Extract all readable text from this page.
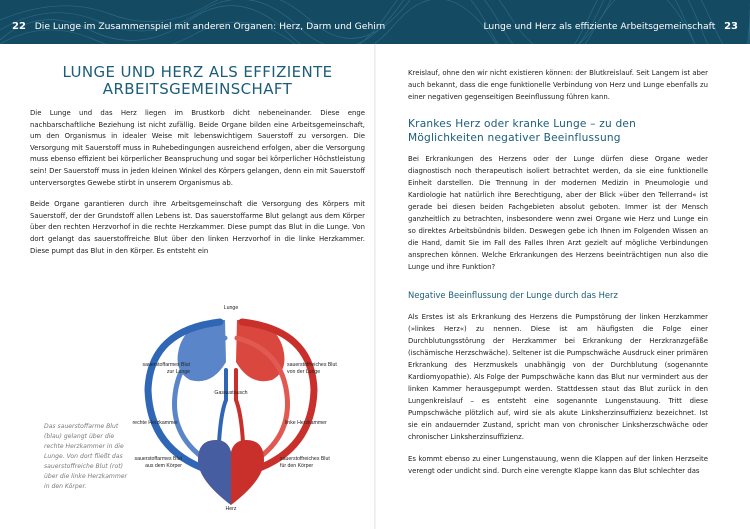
22 Die Lunge im Zusammenspiel mit anderen Organen: Herz, Darm und Gehirn	Lunge und Herz als effiziente Arbeitsgemeinschaft 23
LUNGE UND HERZ ALS EFFIZIENTE
ARBEITSGEMEINSCHAFT

Die Lunge und das Herz liegen im Brustkorb dicht nebeneinander. Diese enge nachbarschaftliche Beziehung ist nicht zufällig. Beide Organe bilden eine Arbeitsgemeinschaft, um den Organismus in idealer Weise mit lebenswichtigem Sauerstoff zu versorgen. Die Versorgung mit Sauerstoff muss in Ruhebedingungen ausreichend erfolgen, aber die Versorgung muss ebenso effizient bei körperlicher Beanspruchung und sogar bei körperlicher Höchstleistung sein! Der Sauerstoff muss in jeden kleinen Winkel des Körpers gelangen, denn ein mit Sauerstoff unterversorgtes Gewebe stirbt in unserem Organismus ab.

Beide Organe garantieren durch ihre Arbeitsgemeinschaft die Versorgung des Körpers mit Sauerstoff, der der Grundstoff allen Lebens ist. Das sauerstoffarme Blut gelangt aus dem Körper über den rechten Herzvorhof in die rechte Herzkammer. Diese pumpt das Blut in die Lunge. Von dort gelangt das sauerstoffreiche Blut über den linken Herzvorhof in die linke Herzkammer. Diese pumpt das Blut in den Körper. Es entsteht ein

Lunge
sauerstoffarmes Blut
zur Lunge
sauerstoffreiches Blut
von der Lunge
Gasaustausch
rechte Herzkammer	linke Herzkammer
sauerstoffarmes Blut
aus dem Körper
sauerstoffreiches Blut
für den Körper
Herz
Das sauerstoffarme Blut (blau) gelangt über die rechte Herzkammer in die Lunge. Von dort fließt das sauerstoffreiche Blut (rot) über die linke Herzkammer in den Körper.

Kreislauf, ohne den wir nicht existieren können: der Blutkreislauf. Seit Langem ist aber auch bekannt, dass die enge funktionelle Verbindung von Herz und Lunge ebenfalls zu einer negativen gegenseitigen Beeinflussung führen kann.

Krankes Herz oder kranke Lunge – zu den Möglichkeiten negativer Beeinflussung

Bei Erkrankungen des Herzens oder der Lunge dürfen diese Organe weder diagnostisch noch therapeutisch isoliert betrachtet werden, da sie eine funktionelle Einheit darstellen. Die Trennung in der modernen Medizin in Pneumologie und Kardiologie hat natürlich ihre Berechtigung, aber der Blick »über den Tellerrand« ist gerade bei diesen beiden Fachgebieten absolut geboten. Immer ist der Mensch ganzheitlich zu betrachten, insbesondere wenn zwei Organe wie Herz und Lunge ein so direktes Arbeitsbündnis bilden. Deswegen gebe ich Ihnen im Folgenden Wissen an die Hand, damit Sie im Fall des Falles Ihren Arzt gezielt auf mögliche Verbindungen ansprechen können. Welche Erkrankungen des Herzens beeinträchtigen nun also die Lunge und ihre Funktion?

Negative Beeinflussung der Lunge durch das Herz

Als Erstes ist als Erkrankung des Herzens die Pumpstörung der linken Herzkammer (»linkes Herz«) zu nennen. Diese ist am häufigsten die Folge einer Durchblutungsstörung der Herzkammer bei Erkrankung der Herzkranzgefäße (ischämische Herzschwäche). Seltener ist die Pumpschwäche Ausdruck einer primären Erkrankung des Herzmuskels unabhängig von der Durchblutung (sogenannte Kardiomyopathie). Als Folge der Pumpschwäche kann das Blut nur vermindert aus der linken Kammer herausgepumpt werden. Stattdessen staut das Blut zurück in den Lungenkreislauf – es entsteht eine sogenannte Lungenstauung. Tritt diese Pumpschwäche plötzlich auf, wird sie als akute Linksherzinsuffizienz bezeichnet. Ist sie ein andauernder Zustand, spricht man von chronischer Linksherzschwäche oder chronischer Linksherzinsuffizienz.

Es kommt ebenso zu einer Lungenstauung, wenn die Klappen auf der linken Herzseite verengt oder undicht sind. Durch eine verengte Klappe kann das Blut schlechter das
